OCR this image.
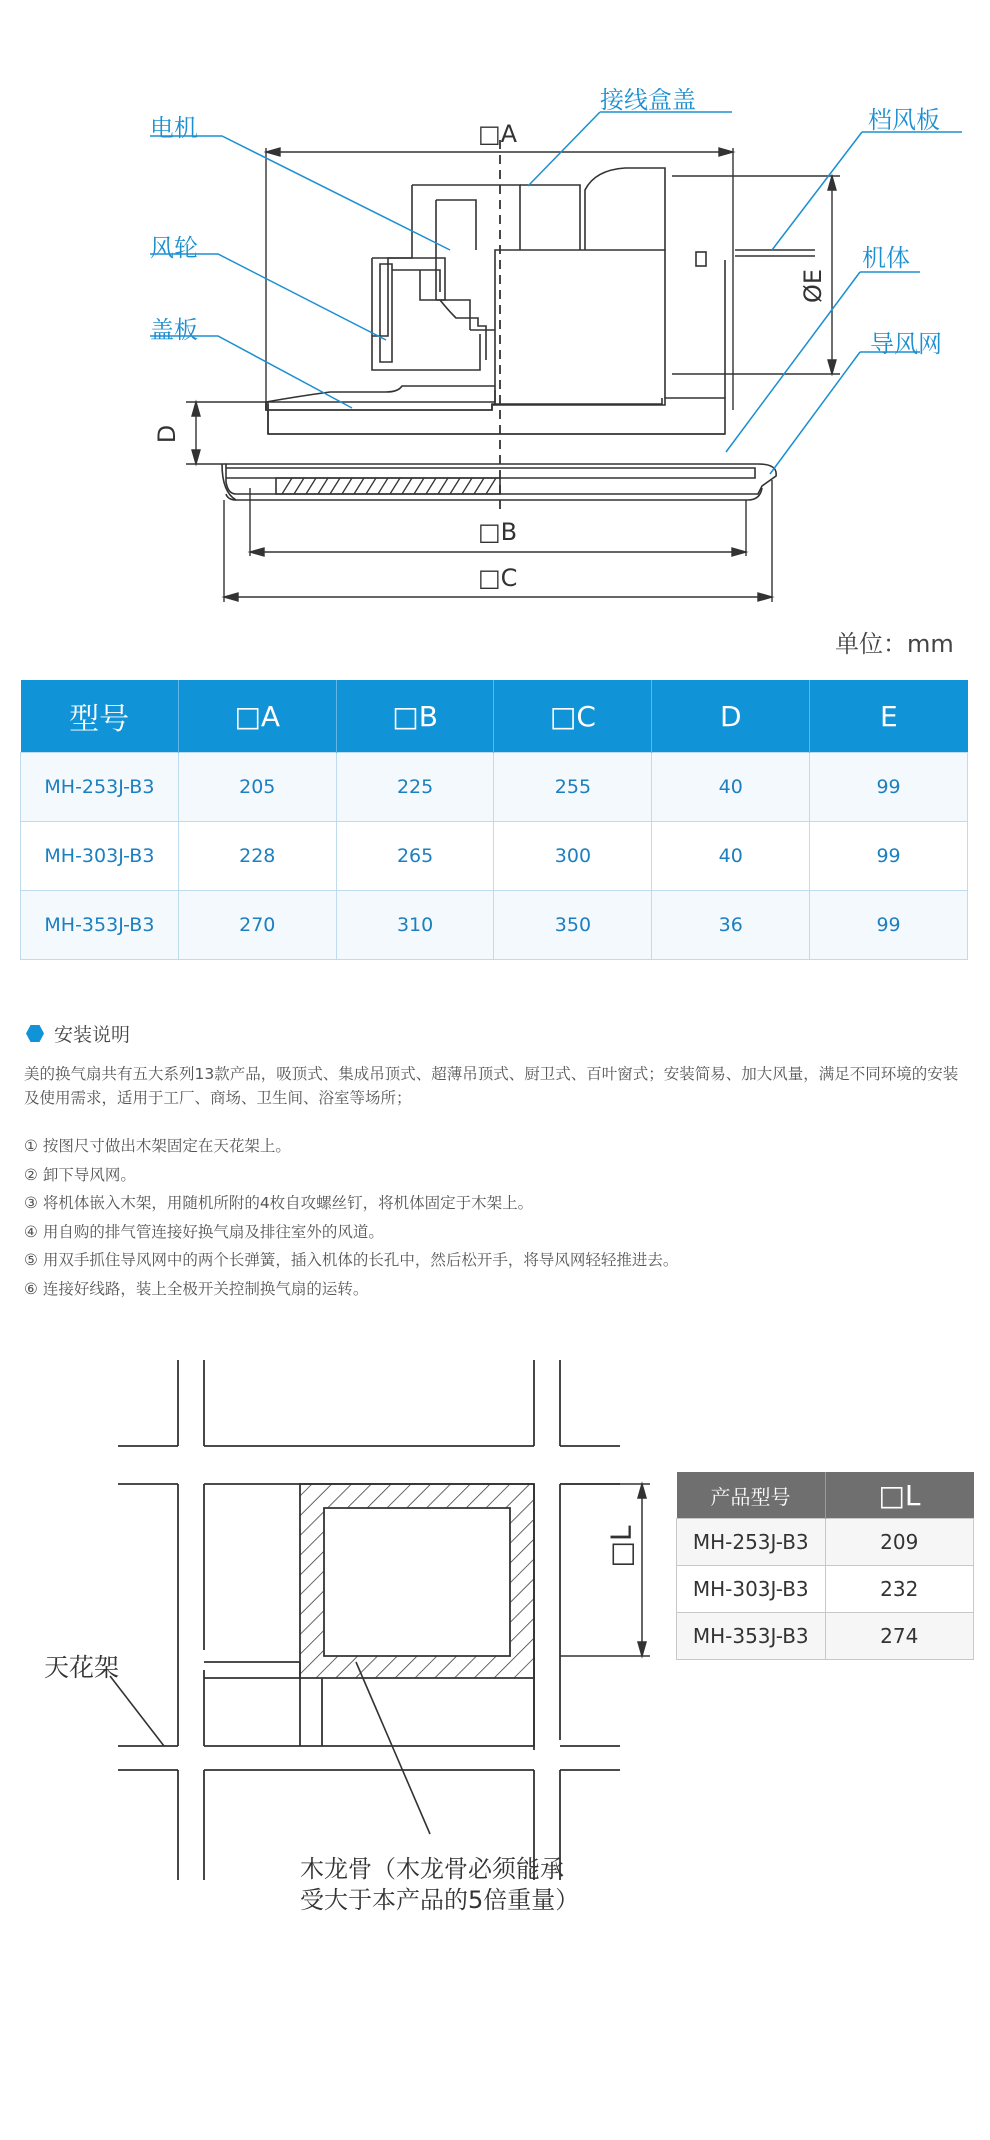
电机
风轮
盖板
接线盒盖
档风板
机体
导风网
□A
□B
□C
D
ØE
单位：mm
型号	□A	□B	□C	D	E
MH-253J-B3	205	225	255	40	99
MH-303J-B3	228	265	300	40	99
MH-353J-B3	270	310	350	36	99
安装说明
美的换气扇共有五大系列13款产品，吸顶式、集成吊顶式、超薄吊顶式、厨卫式、百叶窗式；安装简易、加大风量，满足不同环境的安装及使用需求，适用于工厂、商场、卫生间、浴室等场所；
① 按图尺寸做出木架固定在天花架上。
② 卸下导风网。
③ 将机体嵌入木架，用随机所附的4枚自攻螺丝钉，将机体固定于木架上。
④ 用自购的排气管连接好换气扇及排往室外的风道。
⑤ 用双手抓住导风网中的两个长弹簧，插入机体的长孔中，然后松开手，将导风网轻轻推进去。
⑥ 连接好线路，装上全极开关控制换气扇的运转。
□L
天花架
木龙骨（木龙骨必须能承
受大于本产品的5倍重量）
产品型号	□L
MH-253J-B3	209
MH-303J-B3	232
MH-353J-B3	274
